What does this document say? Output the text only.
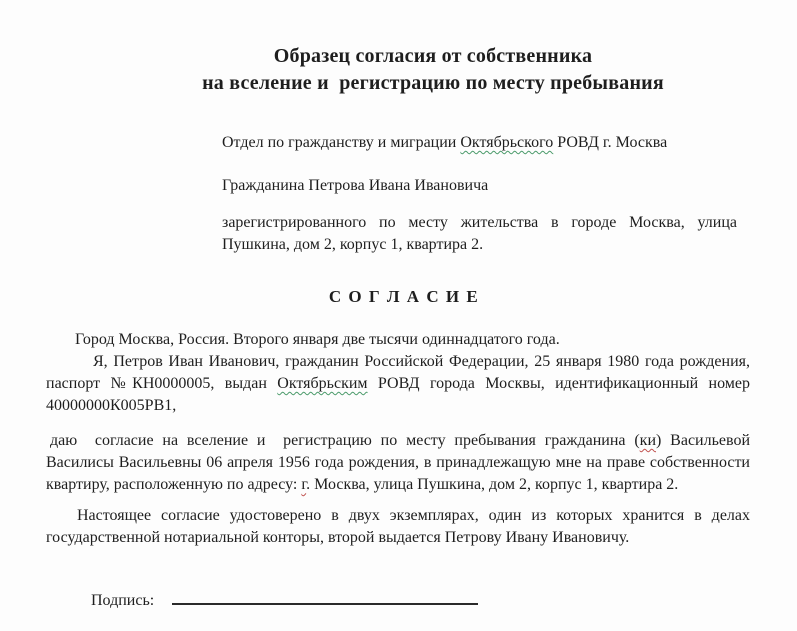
Образец согласия от собственника
на вселение и  регистрацию по месту пребывания

Отдел по гражданству и миграции Октябрьского РОВД г. Москва

Гражданина Петрова Ивана Ивановича

зарегистрированного по месту жительства в городе Москва, улица Пушкина, дом 2, корпус 1, квартира 2.

С О Г Л А С И Е

Город Москва, Россия. Второго января две тысячи одиннадцатого года.

Я, Петров Иван Иванович, гражданин Российской Федерации, 25 января 1980 года рождения, паспорт №КН0000005, выдан Октябрьским РОВД города Москвы, идентификационный номер 40000000К005РВ1,

даю  согласие на вселение и  регистрацию по месту пребывания гражданина (ки) Васильевой Василисы Васильевны 06 апреля 1956 года рождения, в принадлежащую мне на праве собственности квартиру, расположенную по адресу: г. Москва, улица Пушкина, дом 2, корпус 1, квартира 2.

Настоящее согласие удостоверено в двух экземплярах, один из которых хранится в делах государственной нотариальной конторы, второй выдается Петрову Ивану Ивановичу.

Подпись:
